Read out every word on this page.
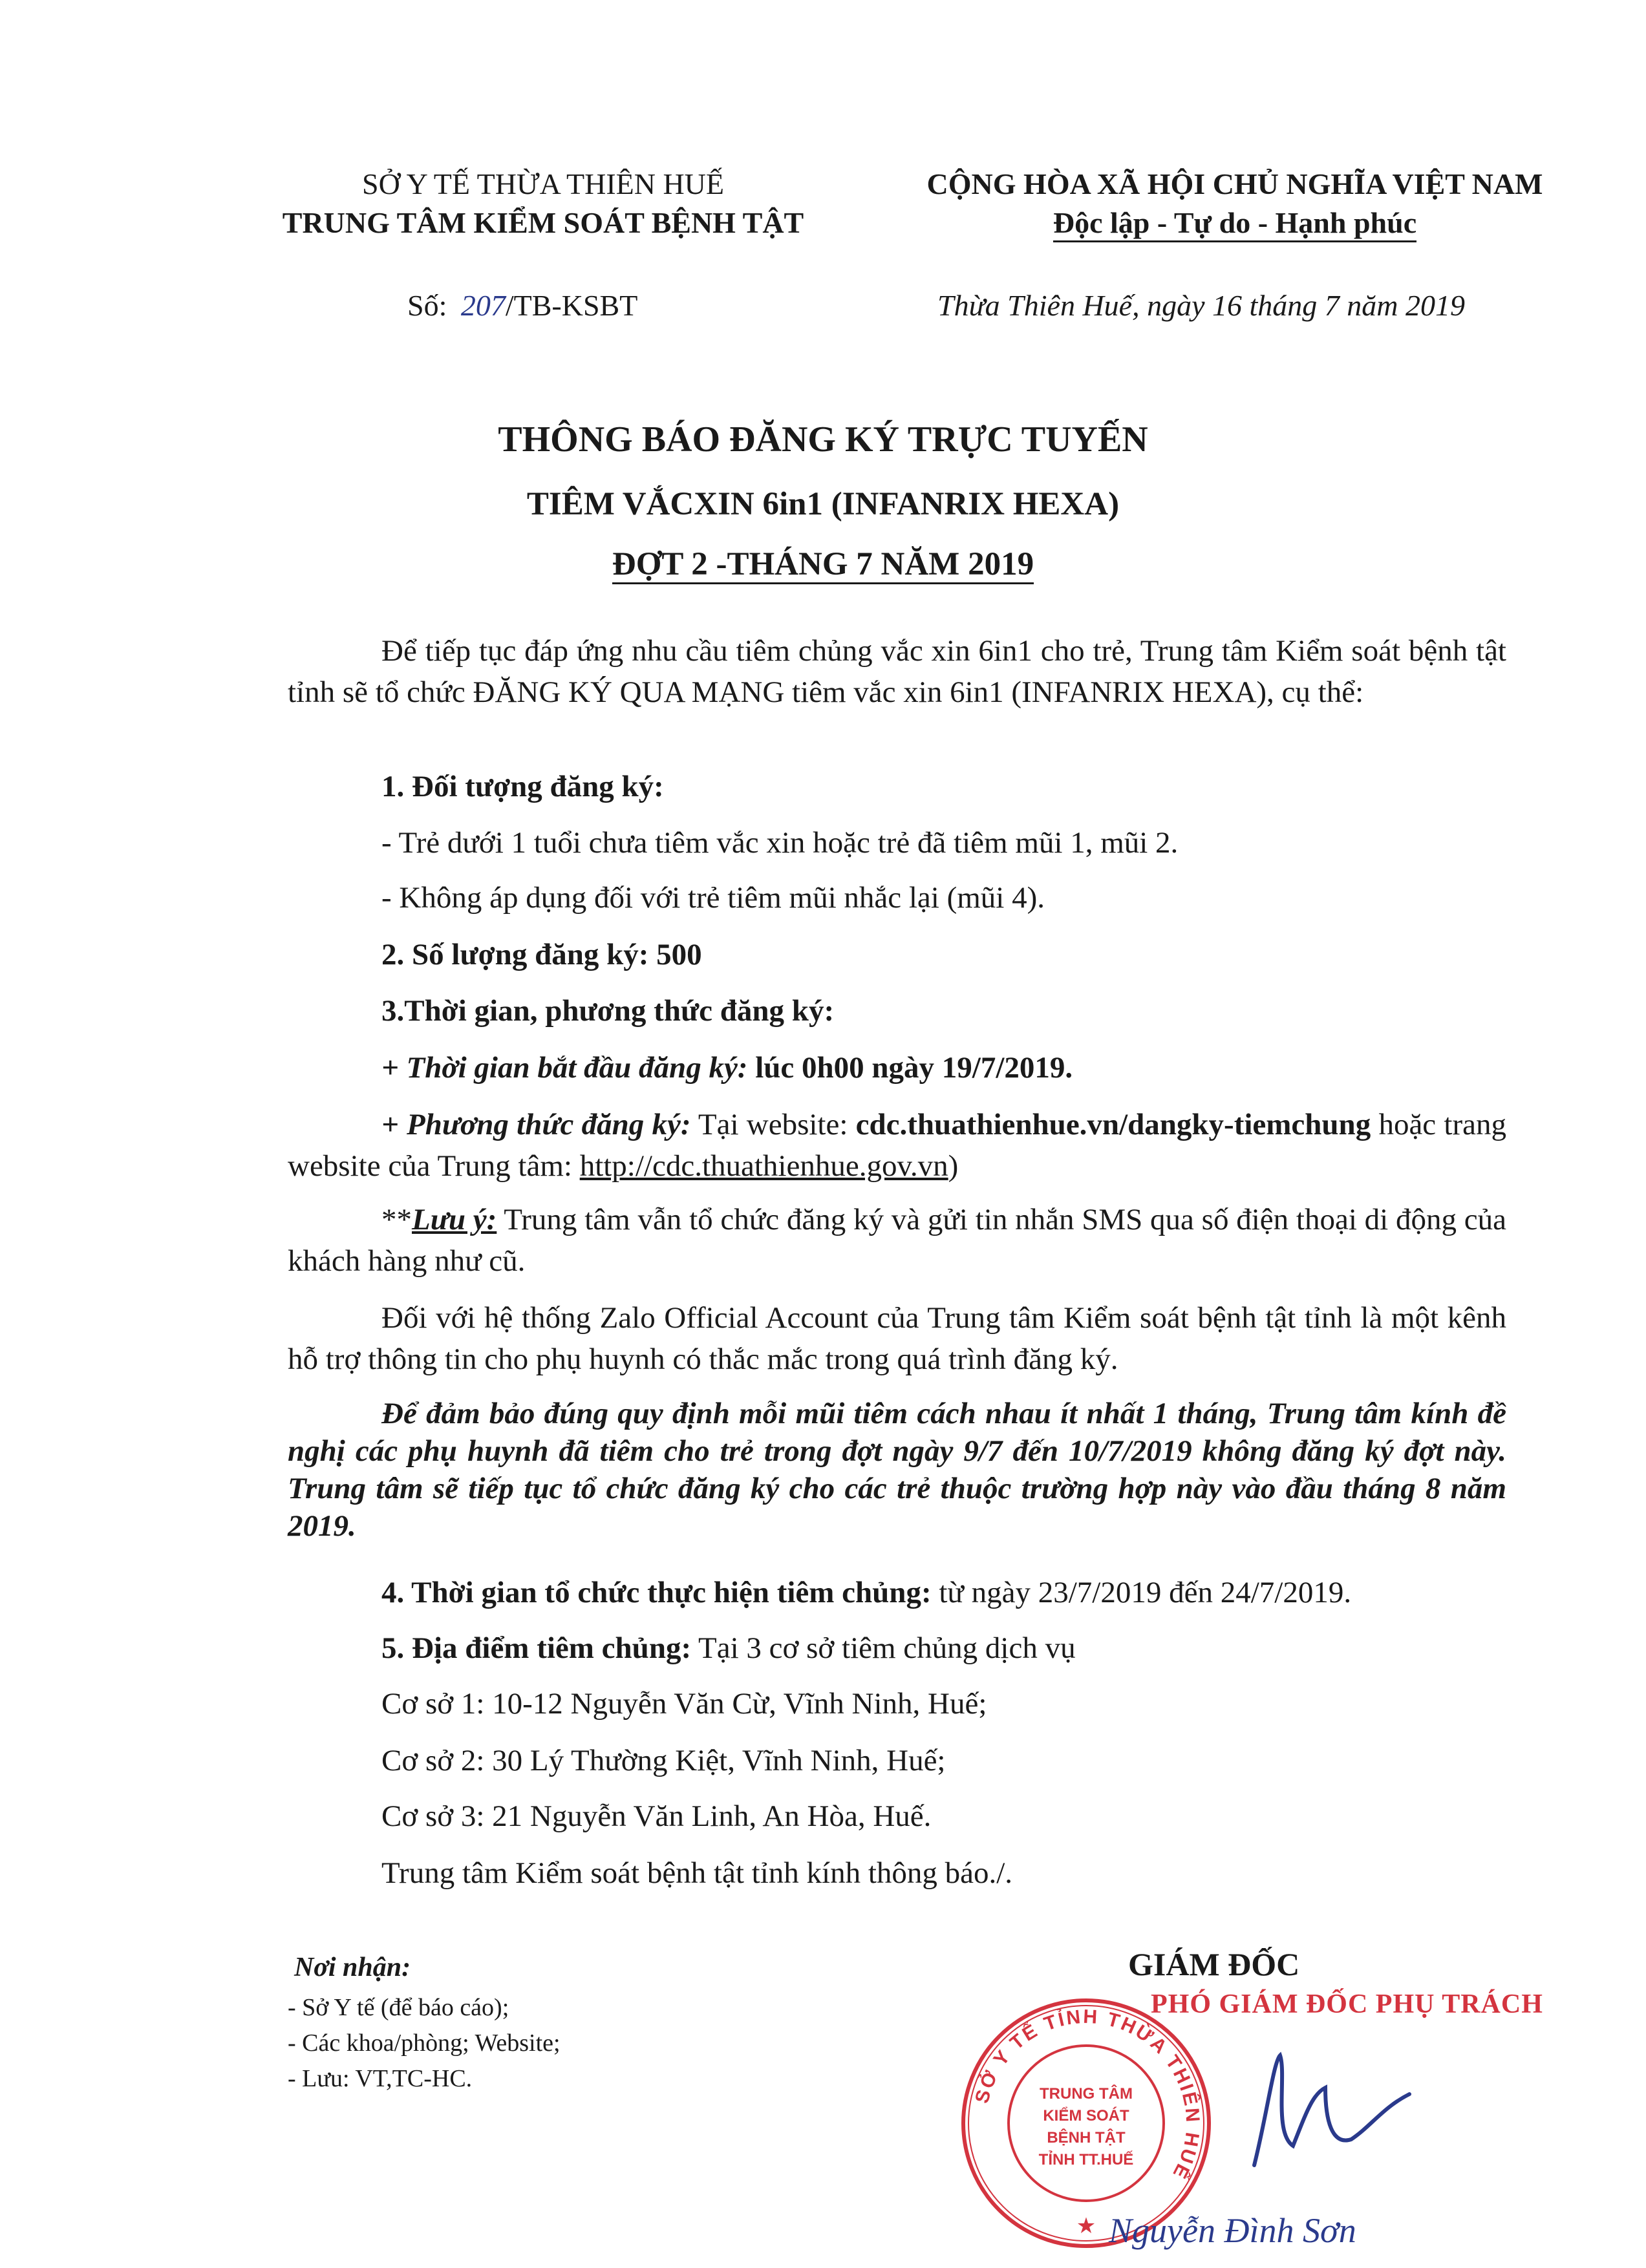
SỞ Y TẾ THỪA THIÊN HUẾ
TRUNG TÂM KIỂM SOÁT BỆNH TẬT
CỘNG HÒA XÃ HỘI CHỦ NGHĨA VIỆT NAM
Độc lập - Tự do - Hạnh phúc
Số: 207/TB-KSBT	Thừa Thiên Huế, ngày 16 tháng 7 năm 2019
THÔNG BÁO ĐĂNG KÝ TRỰC TUYẾN
TIÊM VẮCXIN 6in1 (INFANRIX HEXA)
ĐỢT 2 -THÁNG 7 NĂM 2019
Để tiếp tục đáp ứng nhu cầu tiêm chủng vắc xin 6in1 cho trẻ, Trung tâm Kiểm soát bệnh tật tỉnh sẽ tổ chức ĐĂNG KÝ QUA MẠNG tiêm vắc xin 6in1 (INFANRIX HEXA), cụ thể:
1. Đối tượng đăng ký:
- Trẻ dưới 1 tuổi chưa tiêm vắc xin hoặc trẻ đã tiêm mũi 1, mũi 2.
- Không áp dụng đối với trẻ tiêm mũi nhắc lại (mũi 4).
2. Số lượng đăng ký: 500
3.Thời gian, phương thức đăng ký:
+ Thời gian bắt đầu đăng ký: lúc 0h00 ngày 19/7/2019.
+ Phương thức đăng ký: Tại website: cdc.thuathienhue.vn/dangky-tiemchung hoặc trang website của Trung tâm: http://cdc.thuathienhue.gov.vn)
**Lưu ý: Trung tâm vẫn tổ chức đăng ký và gửi tin nhắn SMS qua số điện thoại di động của khách hàng như cũ.
Đối với hệ thống Zalo Official Account của Trung tâm Kiểm soát bệnh tật tỉnh là một kênh hỗ trợ thông tin cho phụ huynh có thắc mắc trong quá trình đăng ký.
Để đảm bảo đúng quy định mỗi mũi tiêm cách nhau ít nhất 1 tháng, Trung tâm kính đề nghị các phụ huynh đã tiêm cho trẻ trong đợt ngày 9/7 đến 10/7/2019 không đăng ký đợt này. Trung tâm sẽ tiếp tục tổ chức đăng ký cho các trẻ thuộc trường hợp này vào đầu tháng 8 năm 2019.
4. Thời gian tổ chức thực hiện tiêm chủng: từ ngày 23/7/2019 đến 24/7/2019.
5. Địa điểm tiêm chủng: Tại 3 cơ sở tiêm chủng dịch vụ
Cơ sở 1: 10-12 Nguyễn Văn Cừ, Vĩnh Ninh, Huế;
Cơ sở 2: 30 Lý Thường Kiệt, Vĩnh Ninh, Huế;
Cơ sở 3: 21 Nguyễn Văn Linh, An Hòa, Huế.
Trung tâm Kiểm soát bệnh tật tỉnh kính thông báo./.
Nơi nhận:
- Sở Y tế (để báo cáo);
- Các khoa/phòng; Website;
- Lưu: VT,TC-HC.
GIÁM ĐỐC
PHÓ GIÁM ĐỐC PHỤ TRÁCH
SỞ Y TẾ TỈNH THỪA THIÊN HUẾ
TRUNG TÂM
KIỂM SOÁT
BỆNH TẬT
TỈNH TT.HUẾ
★ Nguyễn Đình Sơn
